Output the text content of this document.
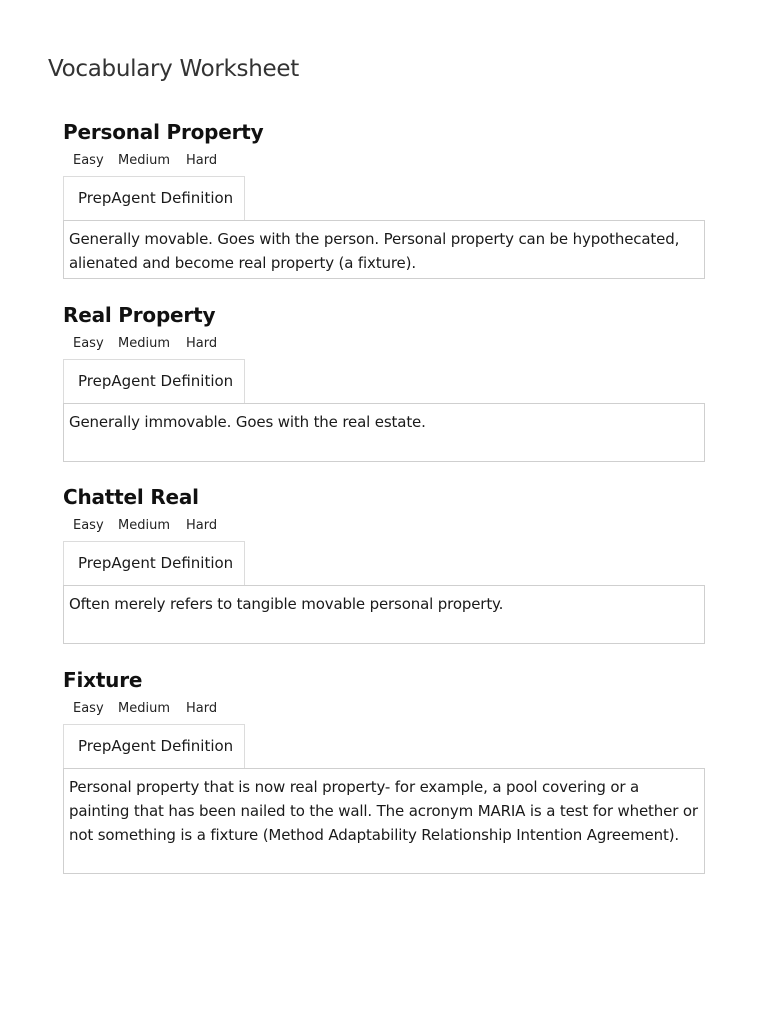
Vocabulary Worksheet
Personal Property
Easy Medium Hard
PrepAgent Definition
Generally movable. Goes with the person. Personal property can be hypothecated, alienated and become real property (a fixture).
Real Property
Easy Medium Hard
PrepAgent Definition
Generally immovable. Goes with the real estate.
Chattel Real
Easy Medium Hard
PrepAgent Definition
Often merely refers to tangible movable personal property.
Fixture
Easy Medium Hard
PrepAgent Definition
Personal property that is now real property- for example, a pool covering or a painting that has been nailed to the wall. The acronym MARIA is a test for whether or not something is a fixture (Method Adaptability Relationship Intention Agreement).
